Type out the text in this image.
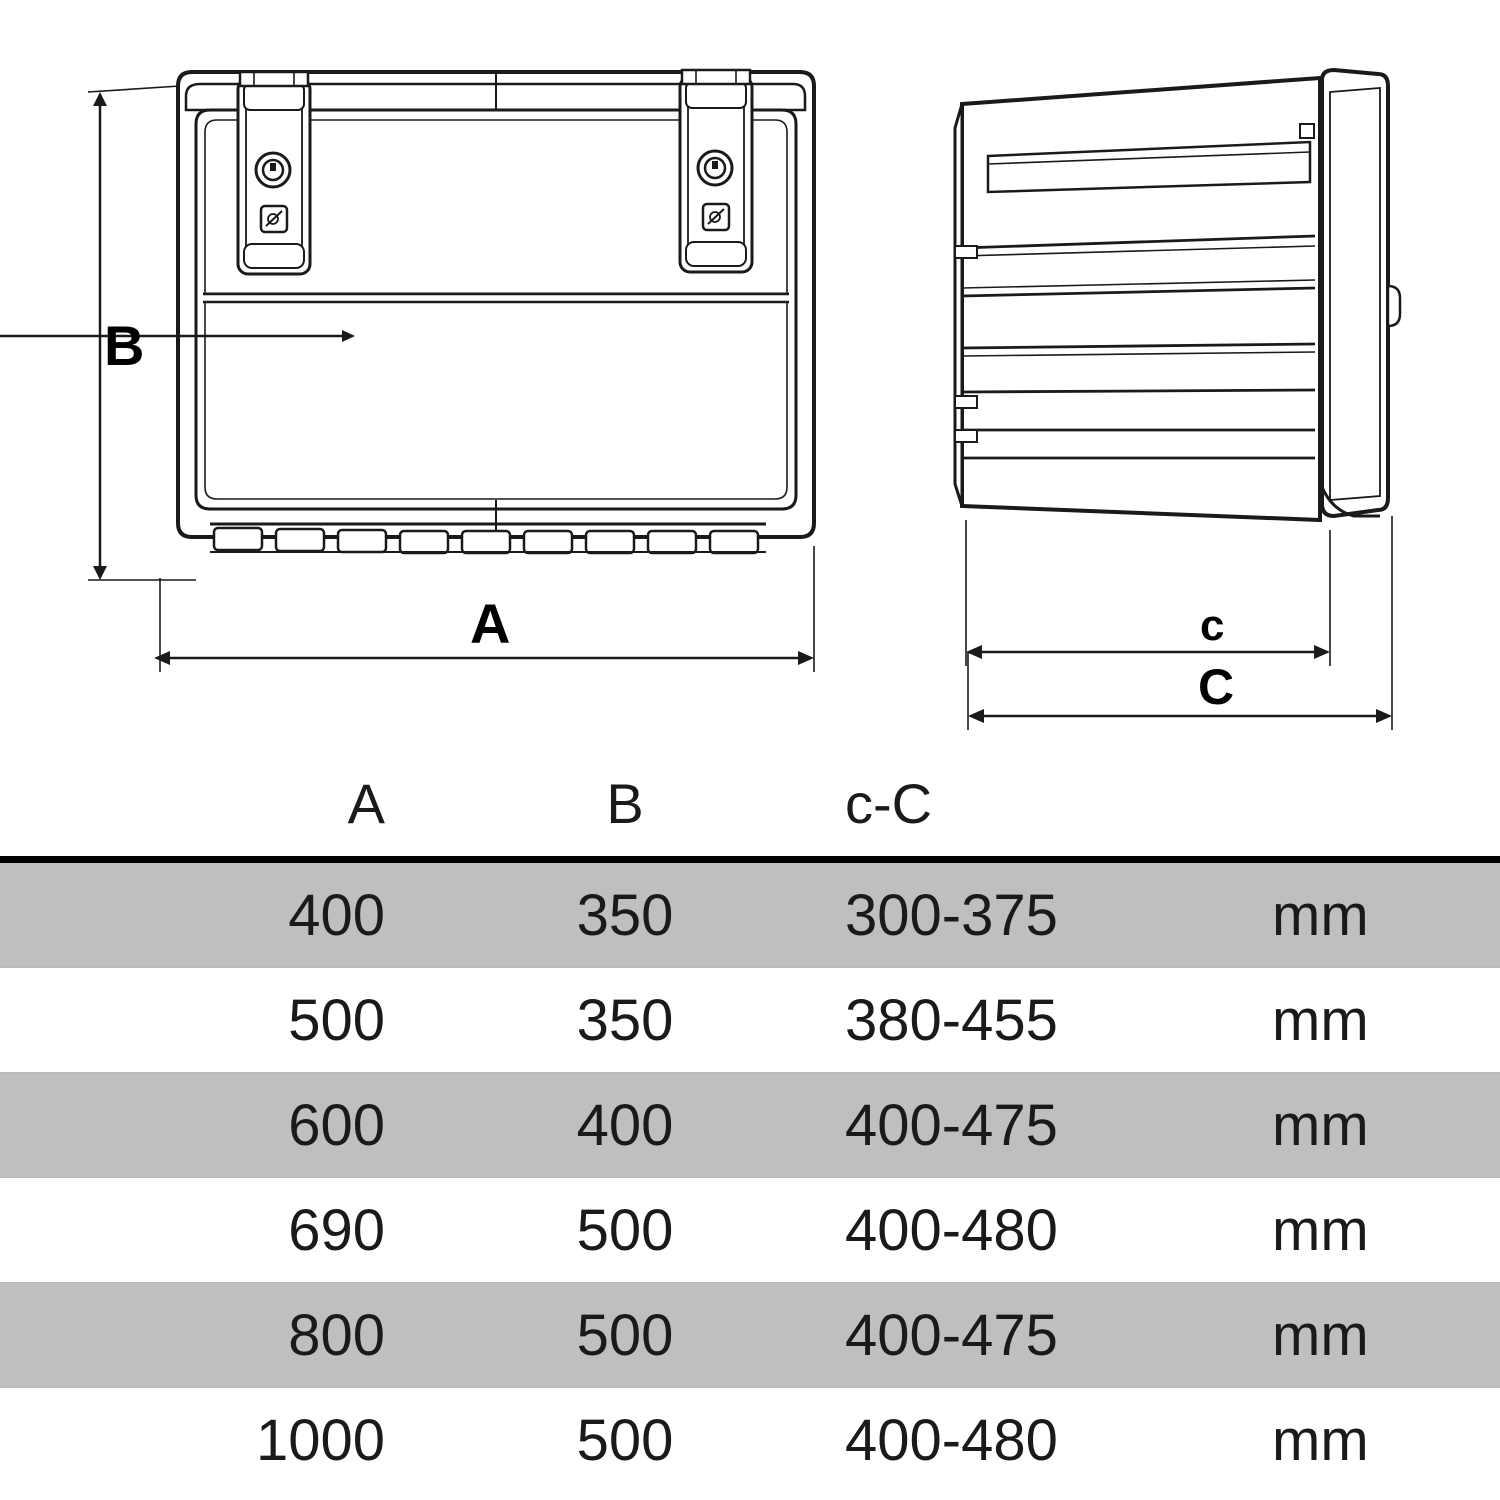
B
A	c
C
A	B	c-C	
400	350	300-375	mm
500	350	380-455	mm
600	400	400-475	mm
690	500	400-480	mm
800	500	400-475	mm
1000	500	400-480	mm
